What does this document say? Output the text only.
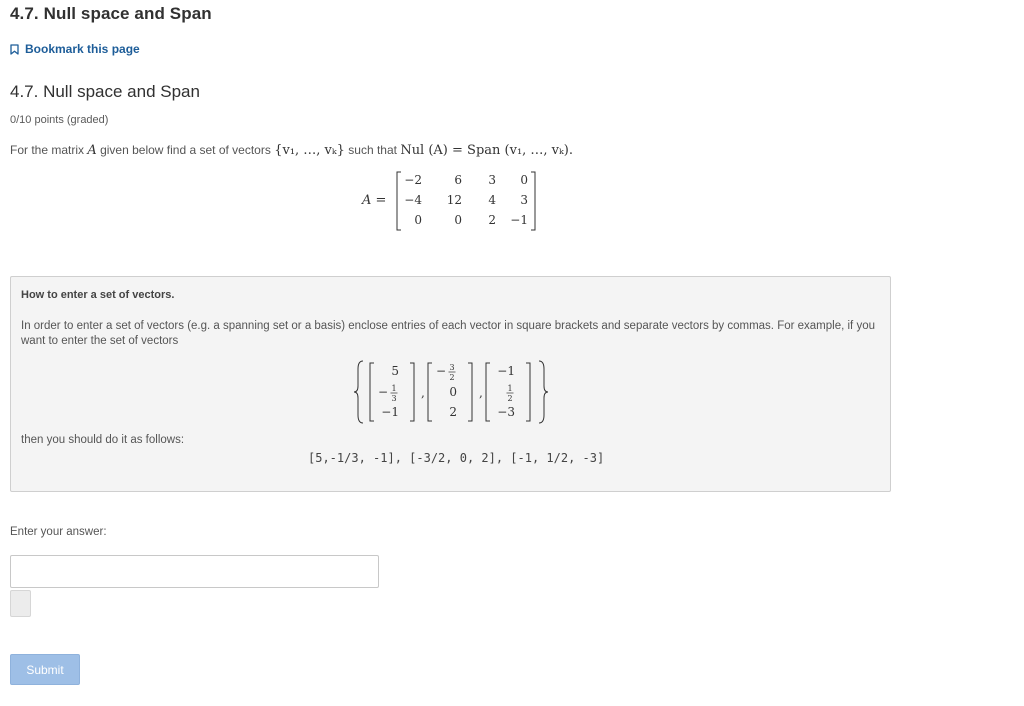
4.7. Null space and Span
Bookmark this page
4.7. Null space and Span
0/10 points (graded)
For the matrix A given below find a set of vectors {v₁, …, vₖ} such that Nul (A) = Span (v₁, …, vₖ).
A =
−2	6 3 0
−4 12 4 3
0	0 2 −1
How to enter a set of vectors.
In order to enter a set of vectors (e.g. a spanning set or a basis) enclose entries of each vector in square brackets and separate vectors by commas. For example, if you want to enter the set of vectors
5
− 1
3
−1
,
− 3
2
0
2
,
−1
1
2
−3
then you should do it as follows:
[5,-1/3, -1], [-3/2, 0, 2], [-1, 1/2, -3]
Enter your answer:
Submit
